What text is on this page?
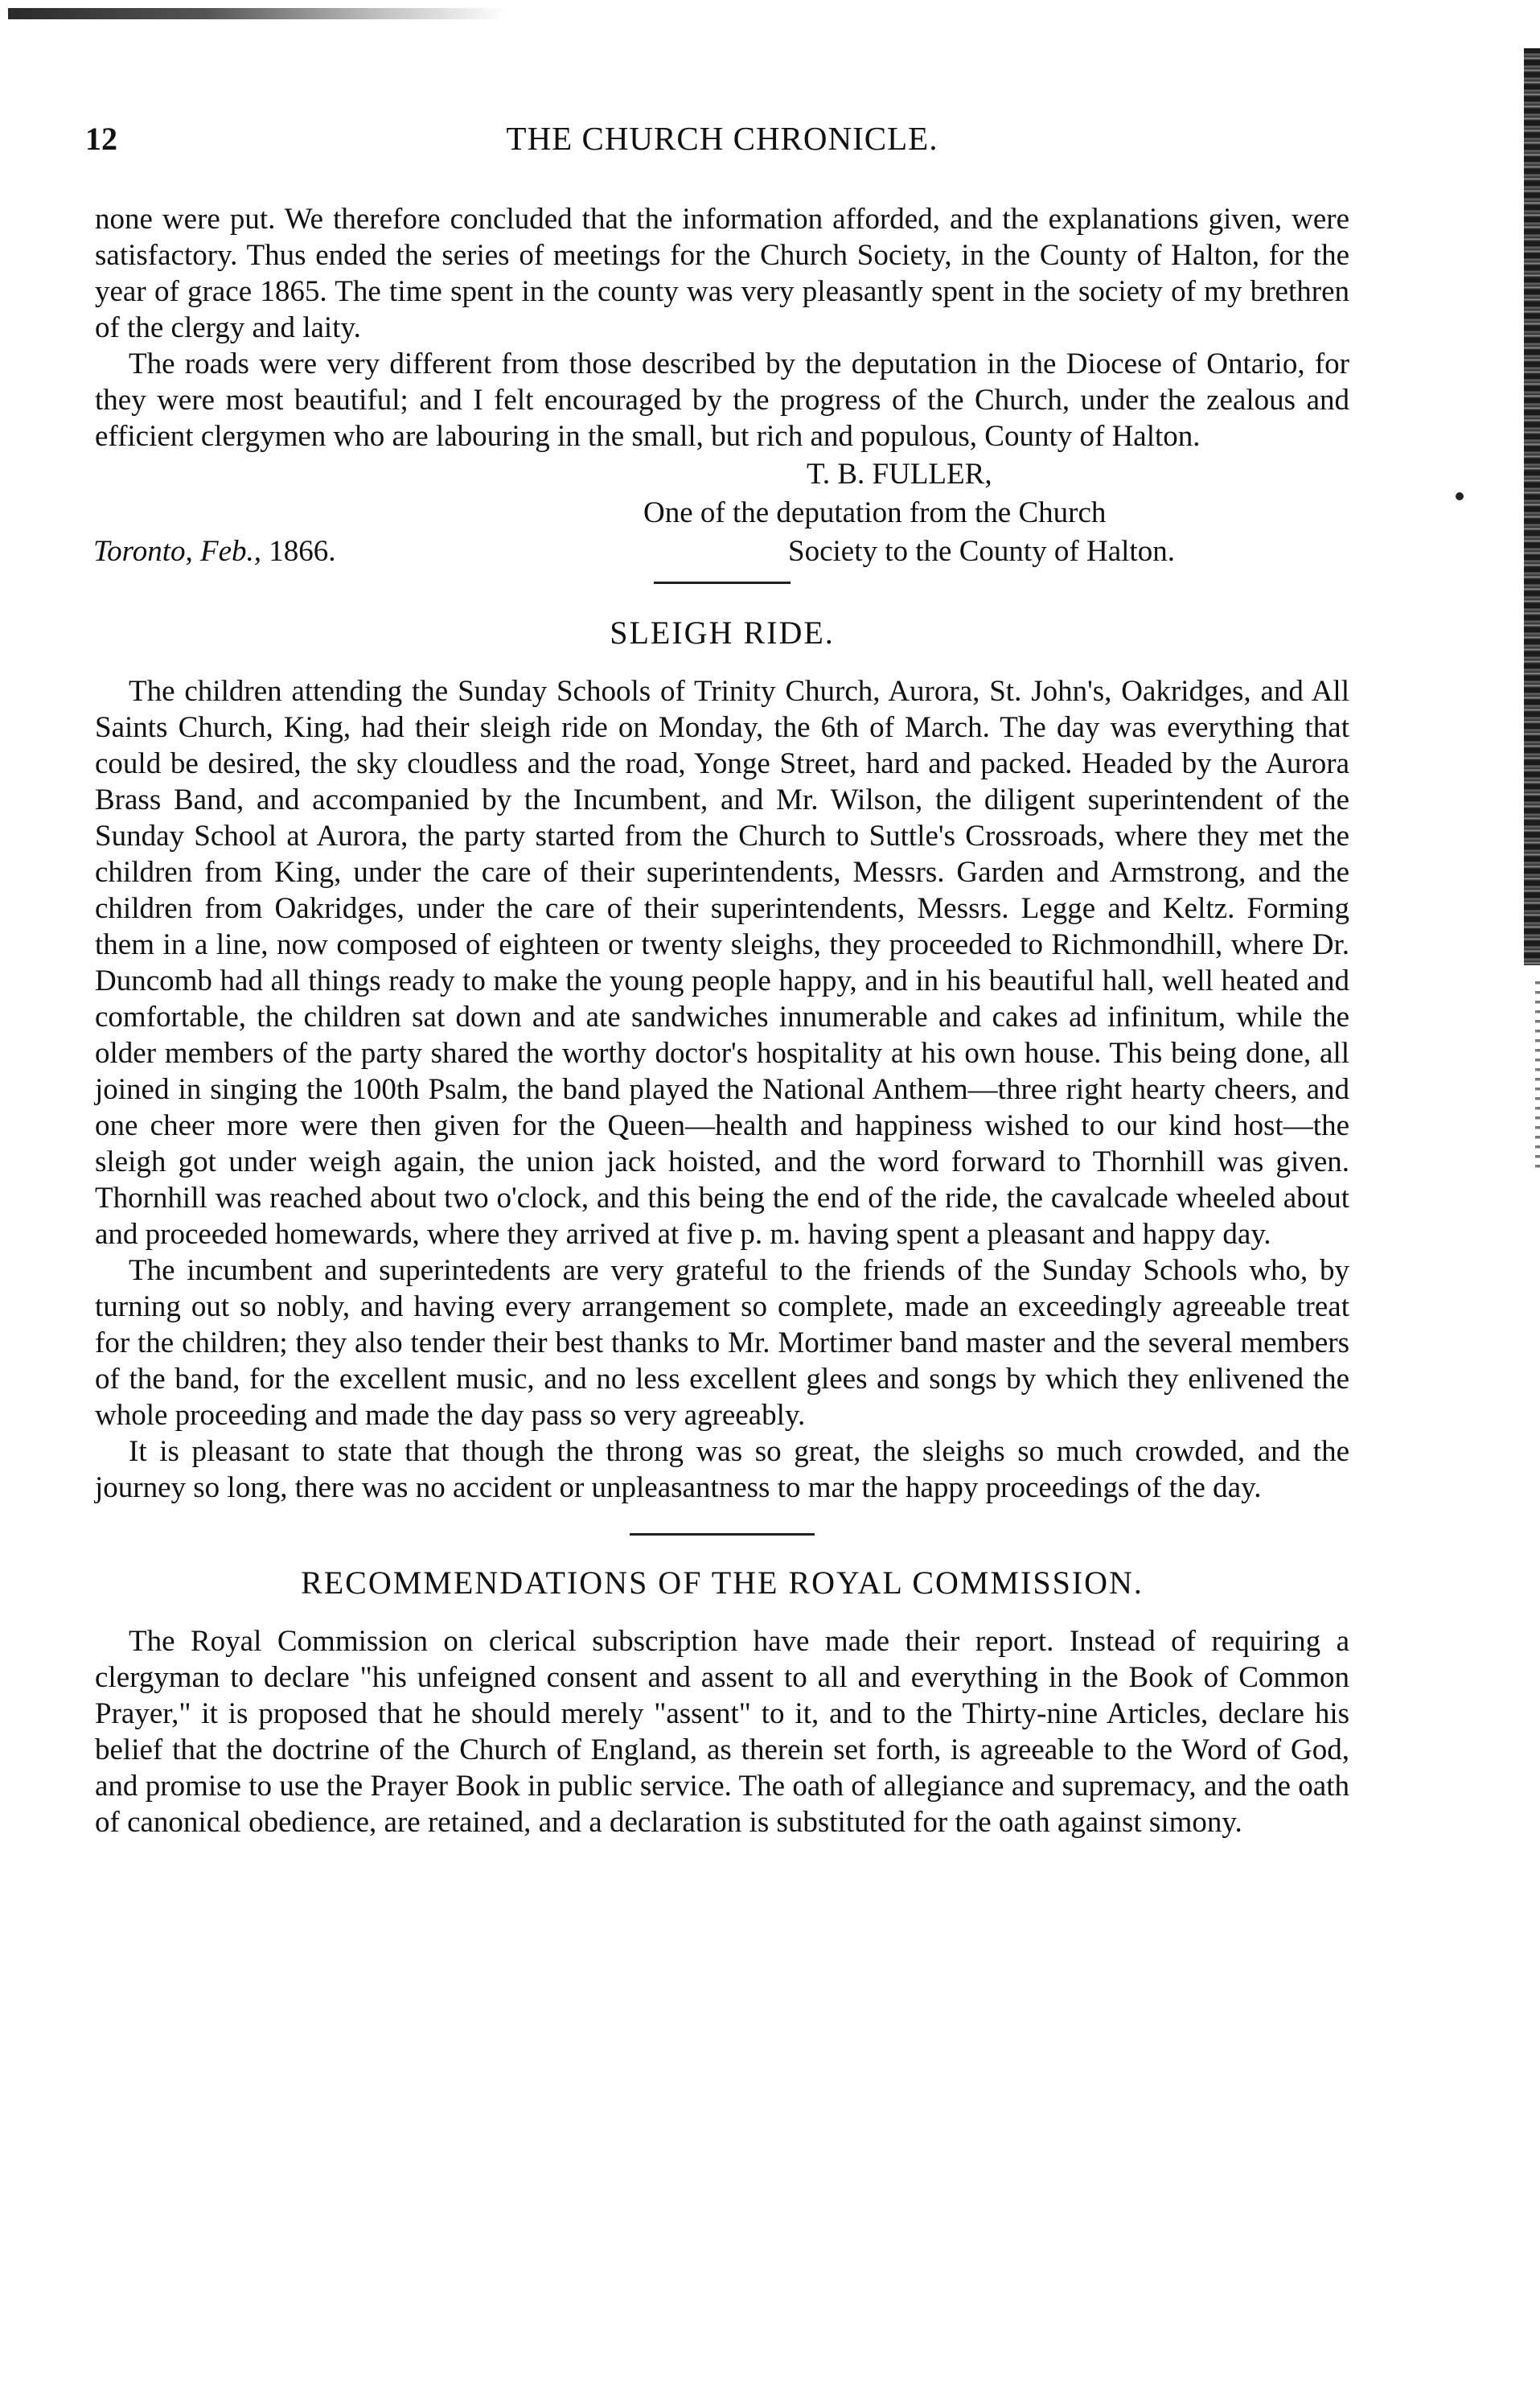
12	THE CHURCH CHRONICLE.

none were put. We therefore concluded that the information afforded, and the explanations given, were satisfactory. Thus ended the series of meetings for the Church Society, in the County of Halton, for the year of grace 1865. The time spent in the county was very pleasantly spent in the society of my brethren of the clergy and laity.

The roads were very different from those described by the deputation in the Diocese of Ontario, for they were most beautiful; and I felt encouraged by the progress of the Church, under the zealous and efficient clergymen who are labouring in the small, but rich and populous, County of Halton.

T. B. FULLER,
One of the deputation from the Church
Society to the County of Halton.
Toronto, Feb., 1866.
SLEIGH RIDE.

The children attending the Sunday Schools of Trinity Church, Aurora, St. John's, Oakridges, and All Saints Church, King, had their sleigh ride on Monday, the 6th of March. The day was everything that could be desired, the sky cloudless and the road, Yonge Street, hard and packed. Headed by the Aurora Brass Band, and accompanied by the Incumbent, and Mr. Wilson, the diligent superintendent of the Sunday School at Aurora, the party started from the Church to Suttle's Crossroads, where they met the children from King, under the care of their superintendents, Messrs. Garden and Armstrong, and the children from Oakridges, under the care of their superintendents, Messrs. Legge and Keltz. Forming them in a line, now composed of eighteen or twenty sleighs, they proceeded to Richmondhill, where Dr. Duncomb had all things ready to make the young people happy, and in his beautiful hall, well heated and comfortable, the children sat down and ate sandwiches innumerable and cakes ad infinitum, while the older members of the party shared the worthy doctor's hospitality at his own house. This being done, all joined in singing the 100th Psalm, the band played the National Anthem—three right hearty cheers, and one cheer more were then given for the Queen—health and happiness wished to our kind host—the sleigh got under weigh again, the union jack hoisted, and the word forward to Thornhill was given. Thornhill was reached about two o'clock, and this being the end of the ride, the cavalcade wheeled about and proceeded homewards, where they arrived at five p. m. having spent a pleasant and happy day.

The incumbent and superintedents are very grateful to the friends of the Sunday Schools who, by turning out so nobly, and having every arrangement so complete, made an exceedingly agreeable treat for the children; they also tender their best thanks to Mr. Mortimer band master and the several members of the band, for the excellent music, and no less excellent glees and songs by which they enlivened the whole proceeding and made the day pass so very agreeably.

It is pleasant to state that though the throng was so great, the sleighs so much crowded, and the journey so long, there was no accident or unpleasantness to mar the happy proceedings of the day.

RECOMMENDATIONS OF THE ROYAL COMMISSION.

The Royal Commission on clerical subscription have made their report. Instead of requiring a clergyman to declare "his unfeigned consent and assent to all and everything in the Book of Common Prayer," it is proposed that he should merely "assent" to it, and to the Thirty-nine Articles, declare his belief that the doctrine of the Church of England, as therein set forth, is agreeable to the Word of God, and promise to use the Prayer Book in public service. The oath of allegiance and supremacy, and the oath of canonical obedience, are retained, and a declaration is substituted for the oath against simony.
